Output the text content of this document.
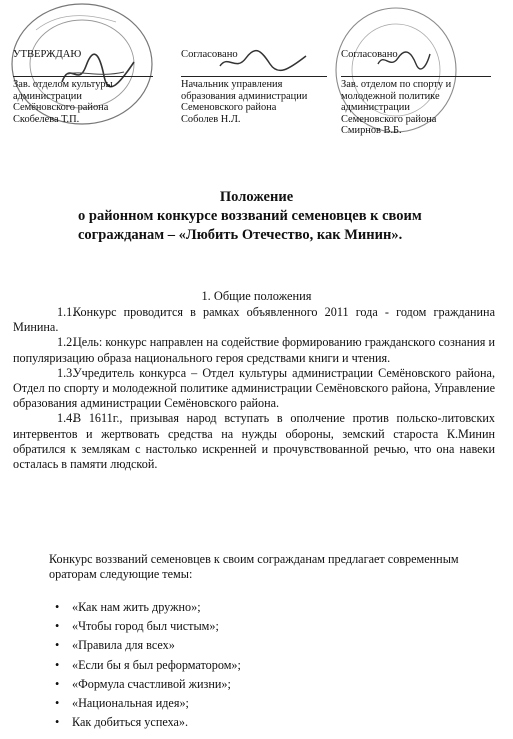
УТВЕРЖДАЮ
Зав. отделом культуры
администрации
Семёновского района
Скобелева Т.П.
Согласовано
Начальник управления
образования администрации
Семеновского района
Соболев Н.Л.
Согласовано
Зав. отделом по спорту и
молодежной политике
администрации
Семеновского района
Смирнов В.Б.
Положение
о районном конкурсе воззваний семеновцев к своим
согражданам – «Любить Отечество, как Минин».
1. Общие положения
1.1.Конкурс проводится в рамках объявленного 2011 года - годом гражданина Минина.
1.2.Цель: конкурс направлен на содействие формированию гражданского сознания и популяризацию образа национального героя средствами книги и чтения.
1.3.Учредитель конкурса – Отдел культуры администрации Семёновского района, Отдел по спорту и молодежной политике администрации Семёновского района, Управление образования администрации Семёновского района.
1.4.В 1611г., призывая народ вступать в ополчение против польско-литовских интервентов и жертвовать средства на нужды обороны, земский староста К.Минин обратился к землякам с настолько искренней и прочувствованной речью, что она навеки осталась в памяти людской.
Конкурс воззваний семеновцев к своим согражданам предлагает современным ораторам следующие темы:
• «Как нам жить дружно»;
• «Чтобы город был чистым»;
• «Правила для всех»
• «Если бы я был реформатором»;
• «Формула счастливой жизни»;
• «Национальная идея»;
• Как добиться успеха».
